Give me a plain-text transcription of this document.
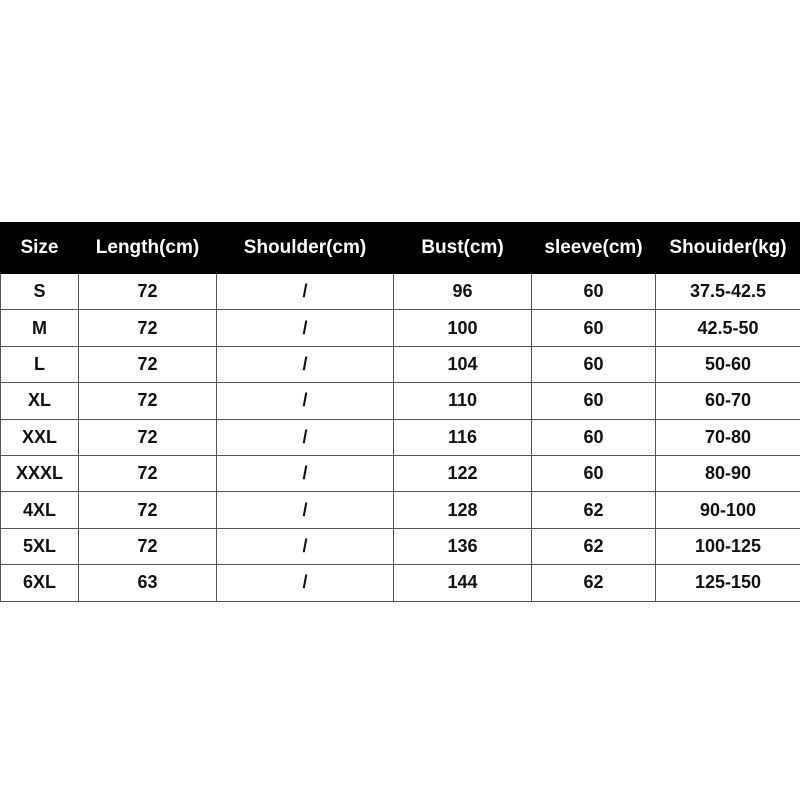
Size	Length(cm)	Shoulder(cm)	Bust(cm)	sleeve(cm)	Shouider(kg)
S	72	/	96	60	37.5-42.5
M	72	/	100	60	42.5-50
L	72	/	104	60	50-60
XL	72	/	110	60	60-70
XXL	72	/	116	60	70-80
XXXL	72	/	122	60	80-90
4XL	72	/	128	62	90-100
5XL	72	/	136	62	100-125
6XL	63	/	144	62	125-150
